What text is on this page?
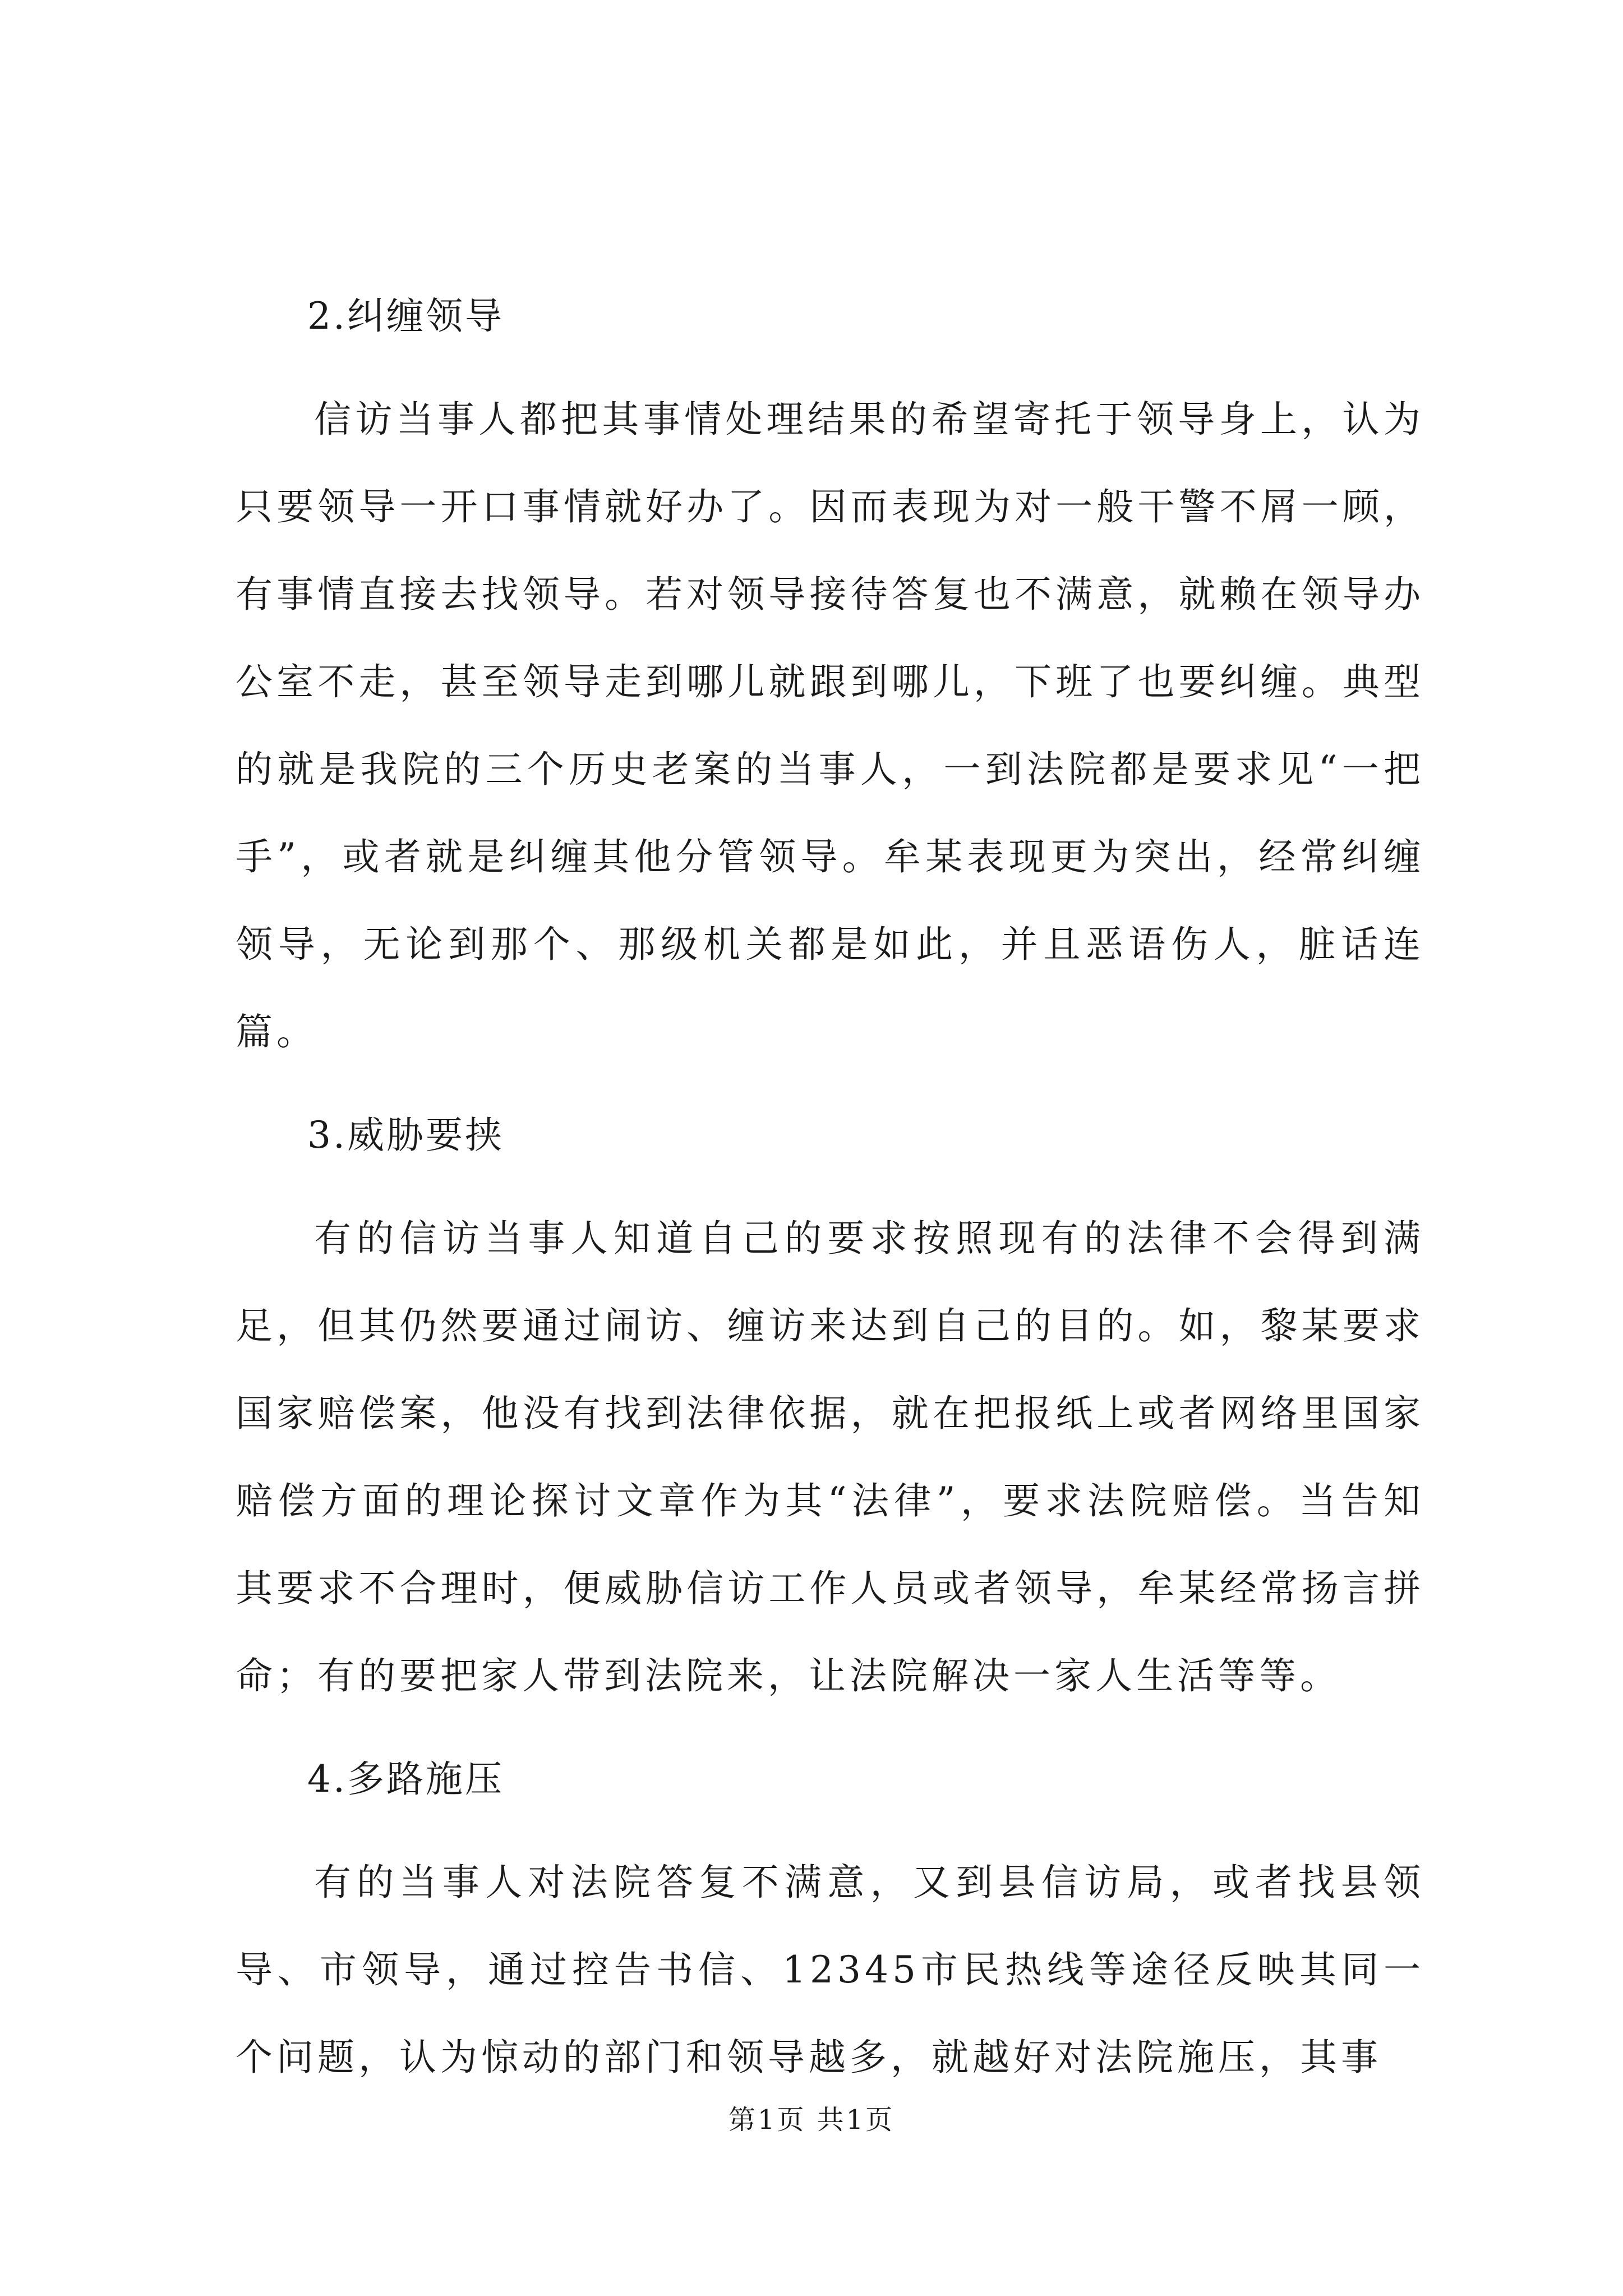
2.纠缠领导

信访当事人都把其事情处理结果的希望寄托于领导身上，认为只要领导一开口事情就好办了。因而表现为对一般干警不屑一顾，有事情直接去找领导。若对领导接待答复也不满意，就赖在领导办公室不走，甚至领导走到哪儿就跟到哪儿，下班了也要纠缠。典型的就是我院的三个历史老案的当事人，一到法院都是要求见“一把手”，或者就是纠缠其他分管领导。牟某表现更为突出，经常纠缠领导，无论到那个、那级机关都是如此，并且恶语伤人，脏话连篇。

3.威胁要挟

有的信访当事人知道自己的要求按照现有的法律不会得到满足，但其仍然要通过闹访、缠访来达到自己的目的。如，黎某要求国家赔偿案，他没有找到法律依据，就在把报纸上或者网络里国家赔偿方面的理论探讨文章作为其“法律”，要求法院赔偿。当告知其要求不合理时，便威胁信访工作人员或者领导，牟某经常扬言拼命；有的要把家人带到法院来，让法院解决一家人生活等等。

4.多路施压

有的当事人对法院答复不满意，又到县信访局，或者找县领导、市领导，通过控告书信、12345市民热线等途径反映其同一个问题，认为惊动的部门和领导越多，就越好对法院施压，其事

第1页 共1页
